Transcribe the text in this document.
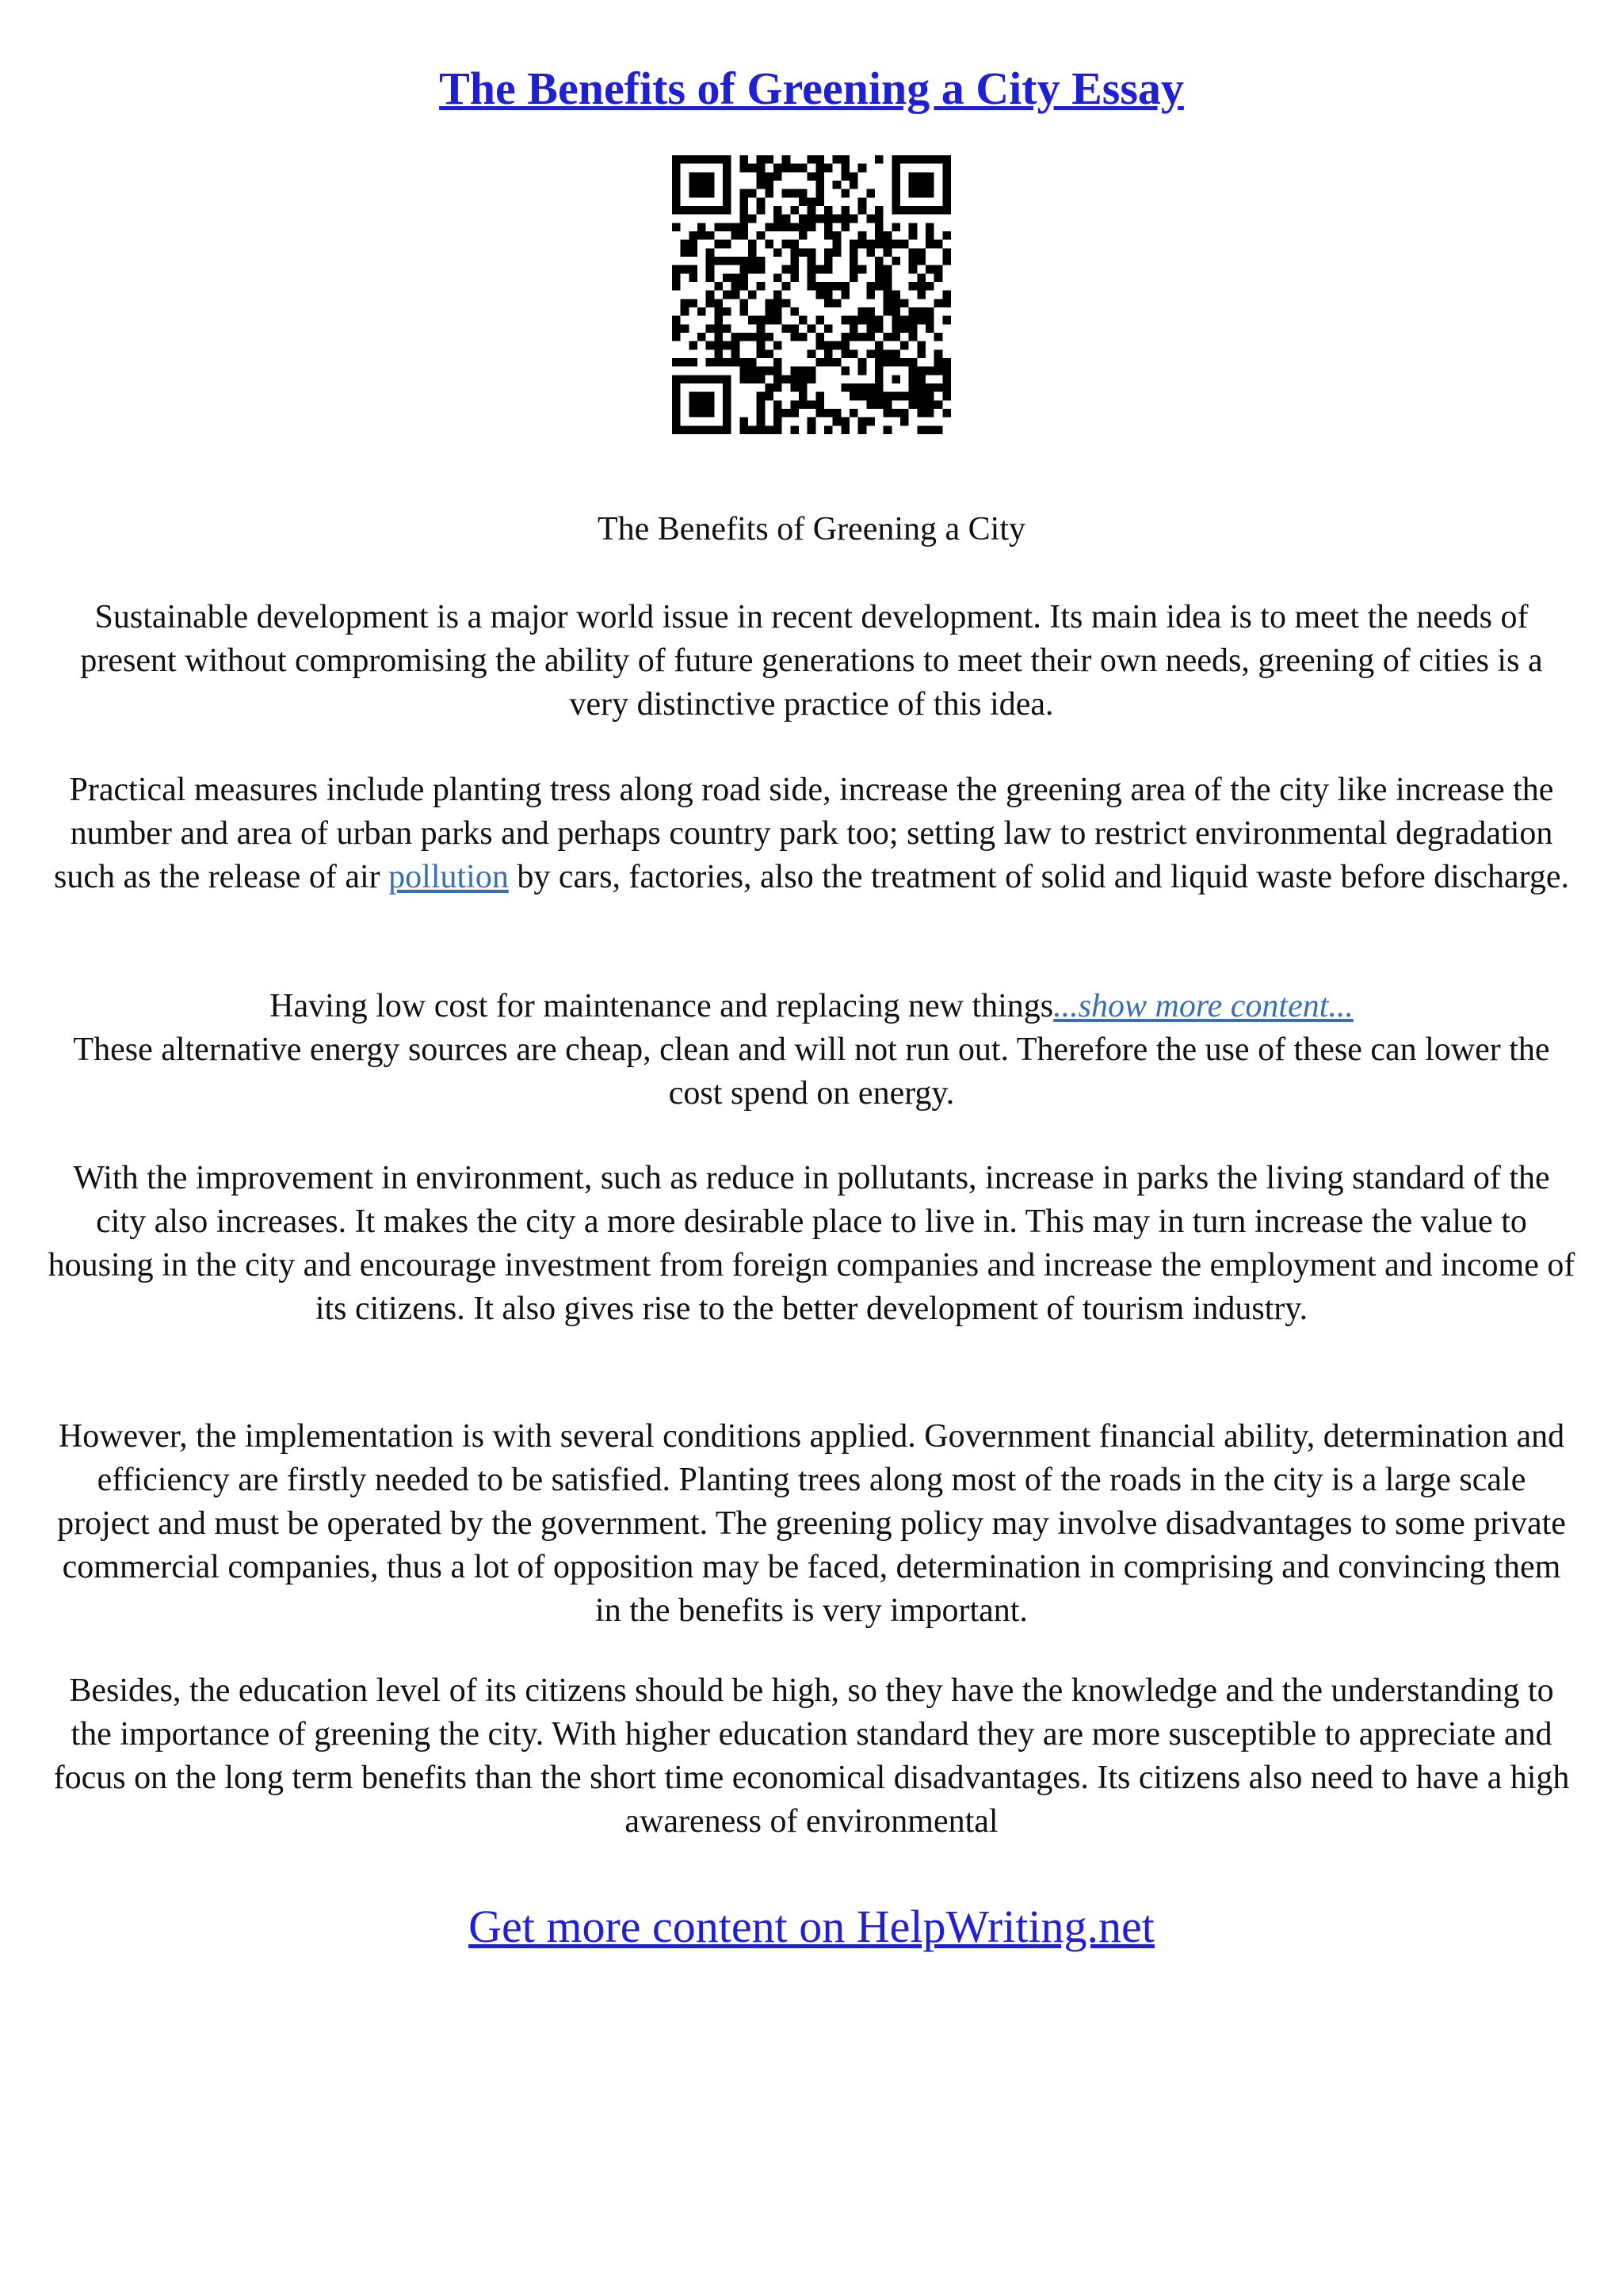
The Benefits of Greening a City Essay
The Benefits of Greening a City
Sustainable development is a major world issue in recent development. Its main idea is to meet the needs of present without compromising the ability of future generations to meet their own needs, greening of cities is a very distinctive practice of this idea.
Practical measures include planting tress along road side, increase the greening area of the city like increase the number and area of urban parks and perhaps country park too; setting law to restrict environmental degradation such as the release of air pollution by cars, factories, also the treatment of solid and liquid waste before discharge.
Having low cost for maintenance and replacing new things...show more content...
These alternative energy sources are cheap, clean and will not run out. Therefore the use of these can lower the cost spend on energy.
With the improvement in environment, such as reduce in pollutants, increase in parks the living standard of the city also increases. It makes the city a more desirable place to live in. This may in turn increase the value to housing in the city and encourage investment from foreign companies and increase the employment and income of its citizens. It also gives rise to the better development of tourism industry.
However, the implementation is with several conditions applied. Government financial ability, determination and efficiency are firstly needed to be satisfied. Planting trees along most of the roads in the city is a large scale project and must be operated by the government. The greening policy may involve disadvantages to some private commercial companies, thus a lot of opposition may be faced, determination in comprising and convincing them in the benefits is very important.
Besides, the education level of its citizens should be high, so they have the knowledge and the understanding to the importance of greening the city. With higher education standard they are more susceptible to appreciate and focus on the long term benefits than the short time economical disadvantages. Its citizens also need to have a high awareness of environmental
Get more content on HelpWriting.net
